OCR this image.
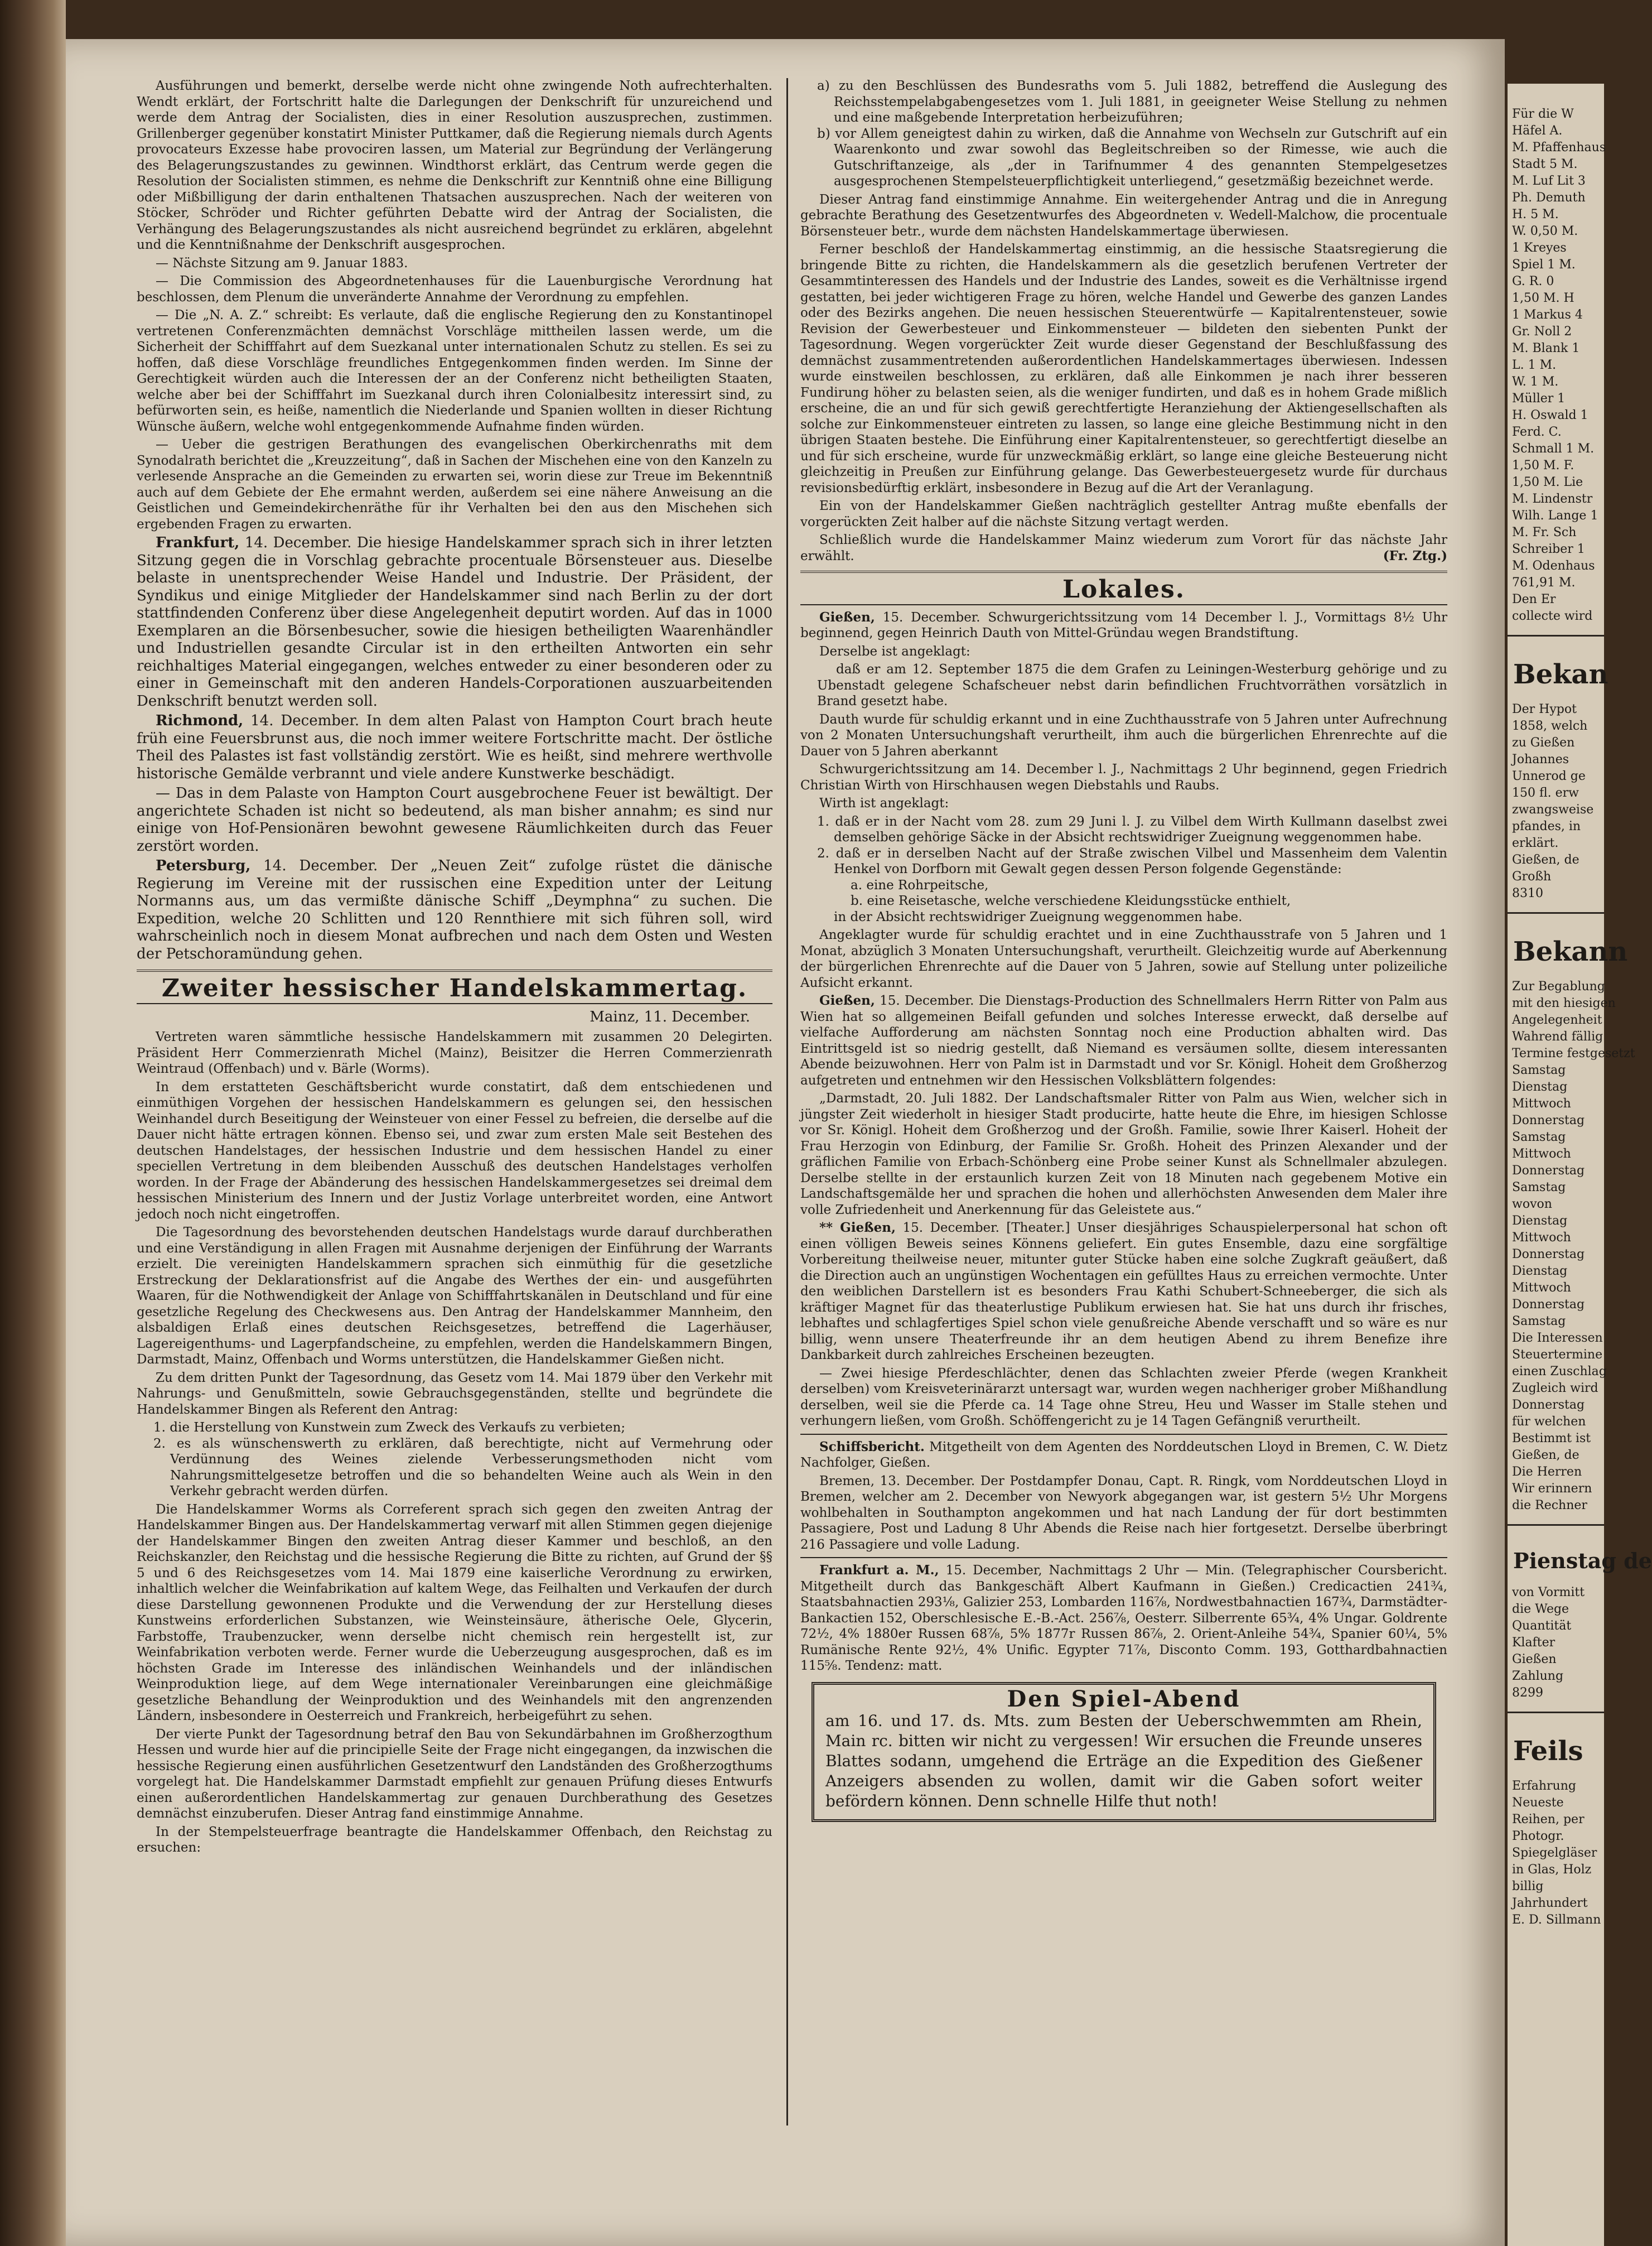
Ausführungen und bemerkt, derselbe werde nicht ohne zwingende Noth aufrechterhalten. Wendt erklärt, der Fortschritt halte die Darlegungen der Denkschrift für unzureichend und werde dem Antrag der Socialisten, dies in einer Resolution auszusprechen, zustimmen. Grillenberger gegenüber konstatirt Minister Puttkamer, daß die Regierung niemals durch Agents provocateurs Exzesse habe provociren lassen, um Material zur Begründung der Verlängerung des Belagerungszustandes zu gewinnen. Windthorst erklärt, das Centrum werde gegen die Resolution der Socialisten stimmen, es nehme die Denkschrift zur Kenntniß ohne eine Billigung oder Mißbilligung der darin enthaltenen Thatsachen auszusprechen. Nach der weiteren von Stöcker, Schröder und Richter geführten Debatte wird der Antrag der Socialisten, die Verhängung des Belagerungszustandes als nicht ausreichend begründet zu erklären, abgelehnt und die Kenntnißnahme der Denkschrift ausgesprochen.

— Nächste Sitzung am 9. Januar 1883.

— Die Commission des Abgeordnetenhauses für die Lauenburgische Verordnung hat beschlossen, dem Plenum die unveränderte Annahme der Verordnung zu empfehlen.

— Die „N. A. Z.“ schreibt: Es verlaute, daß die englische Regierung den zu Konstantinopel vertretenen Conferenzmächten demnächst Vorschläge mittheilen lassen werde, um die Sicherheit der Schifffahrt auf dem Suezkanal unter internationalen Schutz zu stellen. Es sei zu hoffen, daß diese Vorschläge freundliches Entgegenkommen finden werden. Im Sinne der Gerechtigkeit würden auch die Interessen der an der Conferenz nicht betheiligten Staaten, welche aber bei der Schifffahrt im Suezkanal durch ihren Colonialbesitz interessirt sind, zu befürworten sein, es heiße, namentlich die Niederlande und Spanien wollten in dieser Richtung Wünsche äußern, welche wohl entgegenkommende Aufnahme finden würden.

— Ueber die gestrigen Berathungen des evangelischen Oberkirchenraths mit dem Synodalrath berichtet die „Kreuzzeitung“, daß in Sachen der Mischehen eine von den Kanzeln zu verlesende Ansprache an die Gemeinden zu erwarten sei, worin diese zur Treue im Bekenntniß auch auf dem Gebiete der Ehe ermahnt werden, außerdem sei eine nähere Anweisung an die Geistlichen und Gemeindekirchenräthe für ihr Verhalten bei den aus den Mischehen sich ergebenden Fragen zu erwarten.

Frankfurt, 14. December. Die hiesige Handelskammer sprach sich in ihrer letzten Sitzung gegen die in Vorschlag gebrachte procentuale Börsensteuer aus. Dieselbe belaste in unentsprechender Weise Handel und Industrie. Der Präsident, der Syndikus und einige Mitglieder der Handelskammer sind nach Berlin zu der dort stattfindenden Conferenz über diese Angelegenheit deputirt worden. Auf das in 1000 Exemplaren an die Börsenbesucher, sowie die hiesigen betheiligten Waarenhändler und Industriellen gesandte Circular ist in den ertheilten Antworten ein sehr reichhaltiges Material eingegangen, welches entweder zu einer besonderen oder zu einer in Gemeinschaft mit den anderen Handels-Corporationen auszuarbeitenden Denkschrift benutzt werden soll.

Richmond, 14. December. In dem alten Palast von Hampton Court brach heute früh eine Feuersbrunst aus, die noch immer weitere Fortschritte macht. Der östliche Theil des Palastes ist fast vollständig zerstört. Wie es heißt, sind mehrere werthvolle historische Gemälde verbrannt und viele andere Kunstwerke beschädigt.

— Das in dem Palaste von Hampton Court ausgebrochene Feuer ist bewältigt. Der angerichtete Schaden ist nicht so bedeutend, als man bisher annahm; es sind nur einige von Hof-Pensionären bewohnt gewesene Räumlichkeiten durch das Feuer zerstört worden.

Petersburg, 14. December. Der „Neuen Zeit“ zufolge rüstet die dänische Regierung im Vereine mit der russischen eine Expedition unter der Leitung Normanns aus, um das vermißte dänische Schiff „Deymphna“ zu suchen. Die Expedition, welche 20 Schlitten und 120 Rennthiere mit sich führen soll, wird wahrscheinlich noch in diesem Monat aufbrechen und nach dem Osten und Westen der Petschoramündung gehen.

Zweiter hessischer Handelskammertag.
Mainz, 11. December.

Vertreten waren sämmtliche hessische Handelskammern mit zusammen 20 Delegirten. Präsident Herr Commerzienrath Michel (Mainz), Beisitzer die Herren Commerzienrath Weintraud (Offenbach) und v. Bärle (Worms).

In dem erstatteten Geschäftsbericht wurde constatirt, daß dem entschiedenen und einmüthigen Vorgehen der hessischen Handelskammern es gelungen sei, den hessischen Weinhandel durch Beseitigung der Weinsteuer von einer Fessel zu befreien, die derselbe auf die Dauer nicht hätte ertragen können. Ebenso sei, und zwar zum ersten Male seit Bestehen des deutschen Handelstages, der hessischen Industrie und dem hessischen Handel zu einer speciellen Vertretung in dem bleibenden Ausschuß des deutschen Handelstages verholfen worden. In der Frage der Abänderung des hessischen Handelskammergesetzes sei dreimal dem hessischen Ministerium des Innern und der Justiz Vorlage unterbreitet worden, eine Antwort jedoch noch nicht eingetroffen.

Die Tagesordnung des bevorstehenden deutschen Handelstags wurde darauf durchberathen und eine Verständigung in allen Fragen mit Ausnahme derjenigen der Einführung der Warrants erzielt. Die vereinigten Handelskammern sprachen sich einmüthig für die gesetzliche Erstreckung der Deklarationsfrist auf die Angabe des Werthes der ein- und ausgeführten Waaren, für die Nothwendigkeit der Anlage von Schifffahrtskanälen in Deutschland und für eine gesetzliche Regelung des Checkwesens aus. Den Antrag der Handelskammer Mannheim, den alsbaldigen Erlaß eines deutschen Reichsgesetzes, betreffend die Lagerhäuser, Lagereigenthums- und Lagerpfandscheine, zu empfehlen, werden die Handelskammern Bingen, Darmstadt, Mainz, Offenbach und Worms unterstützen, die Handelskammer Gießen nicht.

Zu dem dritten Punkt der Tagesordnung, das Gesetz vom 14. Mai 1879 über den Verkehr mit Nahrungs- und Genußmitteln, sowie Gebrauchsgegenständen, stellte und begründete die Handelskammer Bingen als Referent den Antrag:

1. die Herstellung von Kunstwein zum Zweck des Verkaufs zu verbieten;
2. es als wünschenswerth zu erklären, daß berechtigte, nicht auf Vermehrung oder Verdünnung des Weines zielende Verbesserungsmethoden nicht vom Nahrungsmittelgesetze betroffen und die so behandelten Weine auch als Wein in den Verkehr gebracht werden dürfen.

Die Handelskammer Worms als Correferent sprach sich gegen den zweiten Antrag der Handelskammer Bingen aus. Der Handelskammertag verwarf mit allen Stimmen gegen diejenige der Handelskammer Bingen den zweiten Antrag dieser Kammer und beschloß, an den Reichskanzler, den Reichstag und die hessische Regierung die Bitte zu richten, auf Grund der §§ 5 und 6 des Reichsgesetzes vom 14. Mai 1879 eine kaiserliche Verordnung zu erwirken, inhaltlich welcher die Weinfabrikation auf kaltem Wege, das Feilhalten und Verkaufen der durch diese Darstellung gewonnenen Produkte und die Verwendung der zur Herstellung dieses Kunstweins erforderlichen Substanzen, wie Weinsteinsäure, ätherische Oele, Glycerin, Farbstoffe, Traubenzucker, wenn derselbe nicht chemisch rein hergestellt ist, zur Weinfabrikation verboten werde. Ferner wurde die Ueberzeugung ausgesprochen, daß es im höchsten Grade im Interesse des inländischen Weinhandels und der inländischen Weinproduktion liege, auf dem Wege internationaler Vereinbarungen eine gleichmäßige gesetzliche Behandlung der Weinproduktion und des Weinhandels mit den angrenzenden Ländern, insbesondere in Oesterreich und Frankreich, herbeigeführt zu sehen.

Der vierte Punkt der Tagesordnung betraf den Bau von Sekundärbahnen im Großherzogthum Hessen und wurde hier auf die principielle Seite der Frage nicht eingegangen, da inzwischen die hessische Regierung einen ausführlichen Gesetzentwurf den Landständen des Großherzogthums vorgelegt hat. Die Handelskammer Darmstadt empfiehlt zur genauen Prüfung dieses Entwurfs einen außerordentlichen Handelskammertag zur genauen Durchberathung des Gesetzes demnächst einzuberufen. Dieser Antrag fand einstimmige Annahme.

In der Stempelsteuerfrage beantragte die Handelskammer Offenbach, den Reichstag zu ersuchen:

a) zu den Beschlüssen des Bundesraths vom 5. Juli 1882, betreffend die Auslegung des Reichsstempelabgabengesetzes vom 1. Juli 1881, in geeigneter Weise Stellung zu nehmen und eine maßgebende Interpretation herbeizuführen;
b) vor Allem geneigtest dahin zu wirken, daß die Annahme von Wechseln zur Gutschrift auf ein Waarenkonto und zwar sowohl das Begleitschreiben so der Rimesse, wie auch die Gutschriftanzeige, als „der in Tarifnummer 4 des genannten Stempelgesetzes ausgesprochenen Stempelsteuerpflichtigkeit unterliegend,“ gesetzmäßig bezeichnet werde.

Dieser Antrag fand einstimmige Annahme. Ein weitergehender Antrag und die in Anregung gebrachte Berathung des Gesetzentwurfes des Abgeordneten v. Wedell-Malchow, die procentuale Börsensteuer betr., wurde dem nächsten Handelskammertage überwiesen.

Ferner beschloß der Handelskammertag einstimmig, an die hessische Staatsregierung die bringende Bitte zu richten, die Handelskammern als die gesetzlich berufenen Vertreter der Gesammtinteressen des Handels und der Industrie des Landes, soweit es die Verhältnisse irgend gestatten, bei jeder wichtigeren Frage zu hören, welche Handel und Gewerbe des ganzen Landes oder des Bezirks angehen. Die neuen hessischen Steuerentwürfe — Kapitalrentensteuer, sowie Revision der Gewerbesteuer und Einkommensteuer — bildeten den siebenten Punkt der Tagesordnung. Wegen vorgerückter Zeit wurde dieser Gegenstand der Beschlußfassung des demnächst zusammentretenden außerordentlichen Handelskammertages überwiesen. Indessen wurde einstweilen beschlossen, zu erklären, daß alle Einkommen je nach ihrer besseren Fundirung höher zu belasten seien, als die weniger fundirten, und daß es in hohem Grade mißlich erscheine, die an und für sich gewiß gerechtfertigte Heranziehung der Aktiengesellschaften als solche zur Einkommensteuer eintreten zu lassen, so lange eine gleiche Bestimmung nicht in den übrigen Staaten bestehe. Die Einführung einer Kapitalrentensteuer, so gerechtfertigt dieselbe an und für sich erscheine, wurde für unzweckmäßig erklärt, so lange eine gleiche Besteuerung nicht gleichzeitig in Preußen zur Einführung gelange. Das Gewerbesteuergesetz wurde für durchaus revisionsbedürftig erklärt, insbesondere in Bezug auf die Art der Veranlagung.

Ein von der Handelskammer Gießen nachträglich gestellter Antrag mußte ebenfalls der vorgerückten Zeit halber auf die nächste Sitzung vertagt werden.

Schließlich wurde die Handelskammer Mainz wiederum zum Vorort für das nächste Jahr erwählt.	(Fr. Ztg.)

Lokales.

Gießen, 15. December. Schwurgerichtssitzung vom 14 December l. J., Vormittags 8½ Uhr beginnend, gegen Heinrich Dauth von Mittel-Gründau wegen Brandstiftung.

Derselbe ist angeklagt:

daß er am 12. September 1875 die dem Grafen zu Leiningen-Westerburg gehörige und zu Ubenstadt gelegene Schafscheuer nebst darin befindlichen Fruchtvorräthen vorsätzlich in Brand gesetzt habe.

Dauth wurde für schuldig erkannt und in eine Zuchthausstrafe von 5 Jahren unter Aufrechnung von 2 Monaten Untersuchungshaft verurtheilt, ihm auch die bürgerlichen Ehrenrechte auf die Dauer von 5 Jahren aberkannt

Schwurgerichtssitzung am 14. December l. J., Nachmittags 2 Uhr beginnend, gegen Friedrich Christian Wirth von Hirschhausen wegen Diebstahls und Raubs.

Wirth ist angeklagt:

1. daß er in der Nacht vom 28. zum 29 Juni l. J. zu Vilbel dem Wirth Kullmann daselbst zwei demselben gehörige Säcke in der Absicht rechtswidriger Zueignung weggenommen habe.
2. daß er in derselben Nacht auf der Straße zwischen Vilbel und Massenheim dem Valentin Henkel von Dorfborn mit Gewalt gegen dessen Person folgende Gegenstände:
a. eine Rohrpeitsche,
b. eine Reisetasche, welche verschiedene Kleidungsstücke enthielt,
in der Absicht rechtswidriger Zueignung weggenommen habe.

Angeklagter wurde für schuldig erachtet und in eine Zuchthausstrafe von 5 Jahren und 1 Monat, abzüglich 3 Monaten Untersuchungshaft, verurtheilt. Gleichzeitig wurde auf Aberkennung der bürgerlichen Ehrenrechte auf die Dauer von 5 Jahren, sowie auf Stellung unter polizeiliche Aufsicht erkannt.

Gießen, 15. December. Die Dienstags-Production des Schnellmalers Herrn Ritter von Palm aus Wien hat so allgemeinen Beifall gefunden und solches Interesse erweckt, daß derselbe auf vielfache Aufforderung am nächsten Sonntag noch eine Production abhalten wird. Das Eintrittsgeld ist so niedrig gestellt, daß Niemand es versäumen sollte, diesem interessanten Abende beizuwohnen. Herr von Palm ist in Darmstadt und vor Sr. Königl. Hoheit dem Großherzog aufgetreten und entnehmen wir den Hessischen Volksblättern folgendes:

„Darmstadt, 20. Juli 1882. Der Landschaftsmaler Ritter von Palm aus Wien, welcher sich in jüngster Zeit wiederholt in hiesiger Stadt producirte, hatte heute die Ehre, im hiesigen Schlosse vor Sr. Königl. Hoheit dem Großherzog und der Großh. Familie, sowie Ihrer Kaiserl. Hoheit der Frau Herzogin von Edinburg, der Familie Sr. Großh. Hoheit des Prinzen Alexander und der gräflichen Familie von Erbach-Schönberg eine Probe seiner Kunst als Schnellmaler abzulegen. Derselbe stellte in der erstaunlich kurzen Zeit von 18 Minuten nach gegebenem Motive ein Landschaftsgemälde her und sprachen die hohen und allerhöchsten Anwesenden dem Maler ihre volle Zufriedenheit und Anerkennung für das Geleistete aus.“

** Gießen, 15. December. [Theater.] Unser diesjähriges Schauspielerpersonal hat schon oft einen völligen Beweis seines Könnens geliefert. Ein gutes Ensemble, dazu eine sorgfältige Vorbereitung theilweise neuer, mitunter guter Stücke haben eine solche Zugkraft geäußert, daß die Direction auch an ungünstigen Wochentagen ein gefülltes Haus zu erreichen vermochte. Unter den weiblichen Darstellern ist es besonders Frau Kathi Schubert-Schneeberger, die sich als kräftiger Magnet für das theaterlustige Publikum erwiesen hat. Sie hat uns durch ihr frisches, lebhaftes und schlagfertiges Spiel schon viele genußreiche Abende verschafft und so wäre es nur billig, wenn unsere Theaterfreunde ihr an dem heutigen Abend zu ihrem Benefize ihre Dankbarkeit durch zahlreiches Erscheinen bezeugten.

— Zwei hiesige Pferdeschlächter, denen das Schlachten zweier Pferde (wegen Krankheit derselben) vom Kreisveterinärarzt untersagt war, wurden wegen nachheriger grober Mißhandlung derselben, weil sie die Pferde ca. 14 Tage ohne Streu, Heu und Wasser im Stalle stehen und verhungern ließen, vom Großh. Schöffengericht zu je 14 Tagen Gefängniß verurtheilt.

Schiffsbericht. Mitgetheilt von dem Agenten des Norddeutschen Lloyd in Bremen, C. W. Dietz Nachfolger, Gießen.

Bremen, 13. December. Der Postdampfer Donau, Capt. R. Ringk, vom Norddeutschen Lloyd in Bremen, welcher am 2. December von Newyork abgegangen war, ist gestern 5½ Uhr Morgens wohlbehalten in Southampton angekommen und hat nach Landung der für dort bestimmten Passagiere, Post und Ladung 8 Uhr Abends die Reise nach hier fortgesetzt. Derselbe überbringt 216 Passagiere und volle Ladung.

Frankfurt a. M., 15. December, Nachmittags 2 Uhr — Min. (Telegraphischer Coursbericht. Mitgetheilt durch das Bankgeschäft Albert Kaufmann in Gießen.) Credicactien 241¾, Staatsbahnactien 293⅛, Galizier 253, Lombarden 116⅞, Nordwestbahnactien 167¾, Darmstädter-Bankactien 152, Oberschlesische E.-B.-Act. 256⅞, Oesterr. Silberrente 65¾, 4% Ungar. Goldrente 72½, 4% 1880er Russen 68⅞, 5% 1877r Russen 86⅞, 2. Orient-Anleihe 54¾, Spanier 60¼, 5% Rumänische Rente 92½, 4% Unific. Egypter 71⅞, Disconto Comm. 193, Gotthardbahnactien 115⅝. Tendenz: matt.

Den Spiel-Abend

am 16. und 17. ds. Mts. zum Besten der Ueberschwemmten am Rhein, Main rc. bitten wir nicht zu vergessen! Wir ersuchen die Freunde unseres Blattes sodann, umgehend die Erträge an die Expedition des Gießener Anzeigers absenden zu wollen, damit wir die Gaben sofort weiter befördern können. Denn schnelle Hilfe thut noth!

Für die W
Häfel A.
M. Pfaffenhaus
Stadt 5 M.
M. Luf Lit 3
Ph. Demuth
H. 5 M.
W. 0,50 M.
1 Kreyes
Spiel 1 M.
G. R. 0
1,50 M. H
1 Markus 4
Gr. Noll 2
M. Blank 1
L. 1 M.
W. 1 M.
Müller 1
H. Oswald 1
Ferd. C.
Schmall 1 M.
1,50 M. F.
1,50 M. Lie
M. Lindenstr
Wilh. Lange 1
M. Fr. Sch
Schreiber 1
M. Odenhaus
761,91 M.
Den Er
collecte wird
Bekan
Der Hypot
1858, welch
zu Gießen
Johannes
Unnerod ge
150 fl. erw
zwangsweise
pfandes, in
erklärt.
Gießen, de
Großh
8310
Bekann
Zur Begablung
mit den hiesigen
Angelegenheit
Wahrend fällig
Termine festgesetzt
Samstag
Dienstag
Mittwoch
Donnerstag
Samstag
Mittwoch
Donnerstag
Samstag
wovon
Dienstag
Mittwoch
Donnerstag
Dienstag
Mittwoch
Donnerstag
Samstag
Die Interessen
Steuertermine
einen Zuschlag
Zugleich wird
Donnerstag
für welchen
Bestimmt ist
Gießen, de
Die Herren
Wir erinnern
die Rechner
Pienstag de
von Vormitt
die Wege
Quantität
Klafter
Gießen
Zahlung
8299
Feils
Erfahrung
Neueste
Reihen, per
Photogr.
Spiegelgläser
in Glas, Holz
billig
Jahrhundert
E. D. Sillmann
